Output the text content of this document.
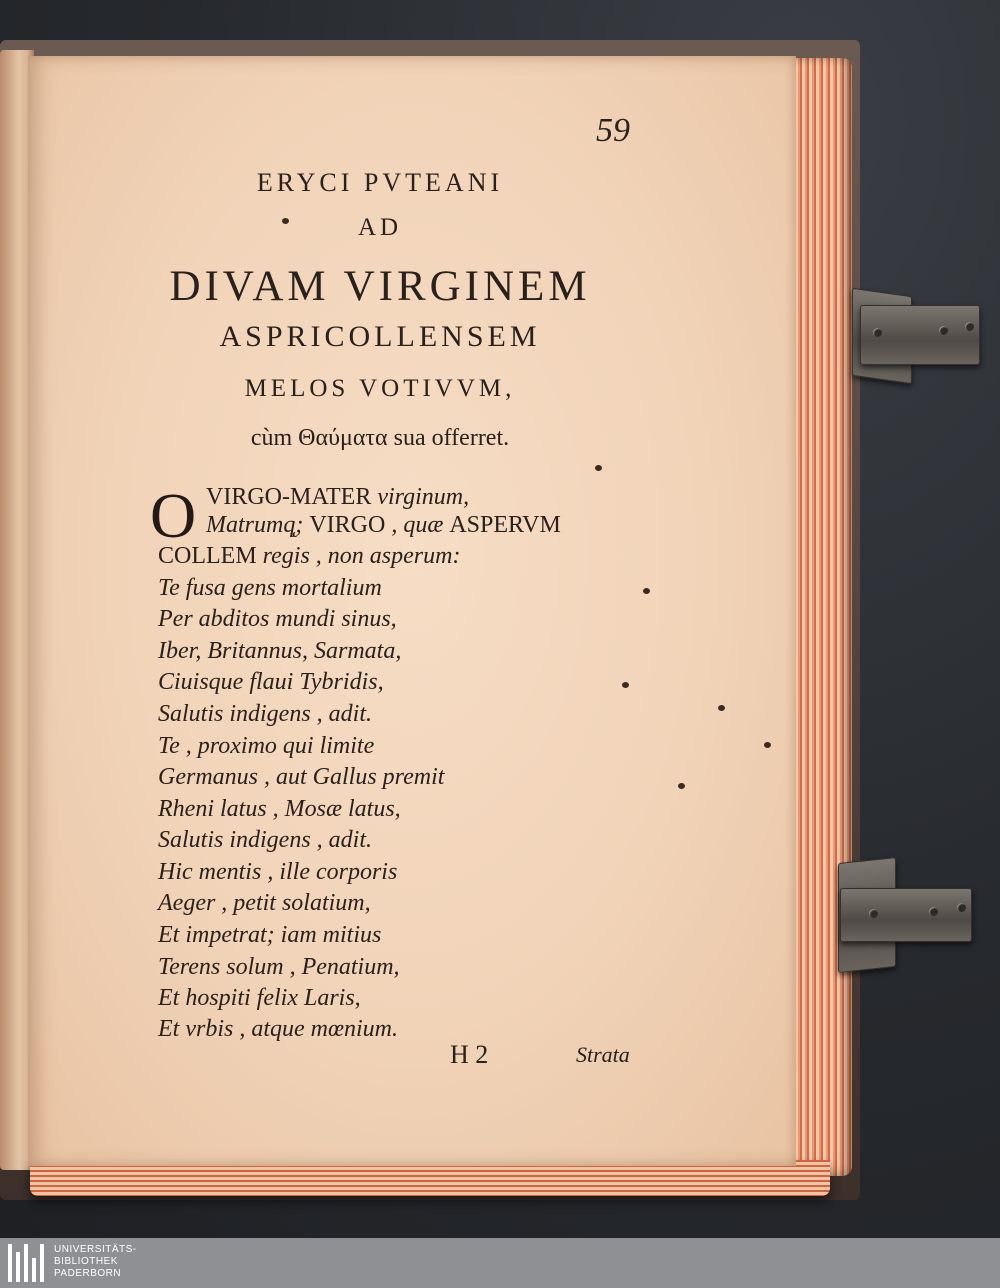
59
ERYCI PVTEANI
AD
DIVAM VIRGINEM
ASPRICOLLENSEM
MELOS VOTIVVM,
cùm Θαύματα sua offerret.
O VIRGO-MATER virginum,
Matrumq̨; VIRGO , quæ ASPERVM
COLLEM regis , non asperum:
Te fusa gens mortalium
Per abditos mundi sinus,
Iber, Britannus, Sarmata,
Ciuisque flaui Tybridis,
Salutis indigens , adit.
Te , proximo qui limite
Germanus , aut Gallus premit
Rheni latus , Mosæ latus,
Salutis indigens , adit.
Hic mentis , ille corporis
Aeger , petit solatium,
Et impetrat; iam mitius
Terens solum , Penatium,
Et hospiti felix Laris,
Et vrbis , atque mœnium.
H 2	Strata
UNIVERSITÄTS-
BIBLIOTHEK
PADERBORN
